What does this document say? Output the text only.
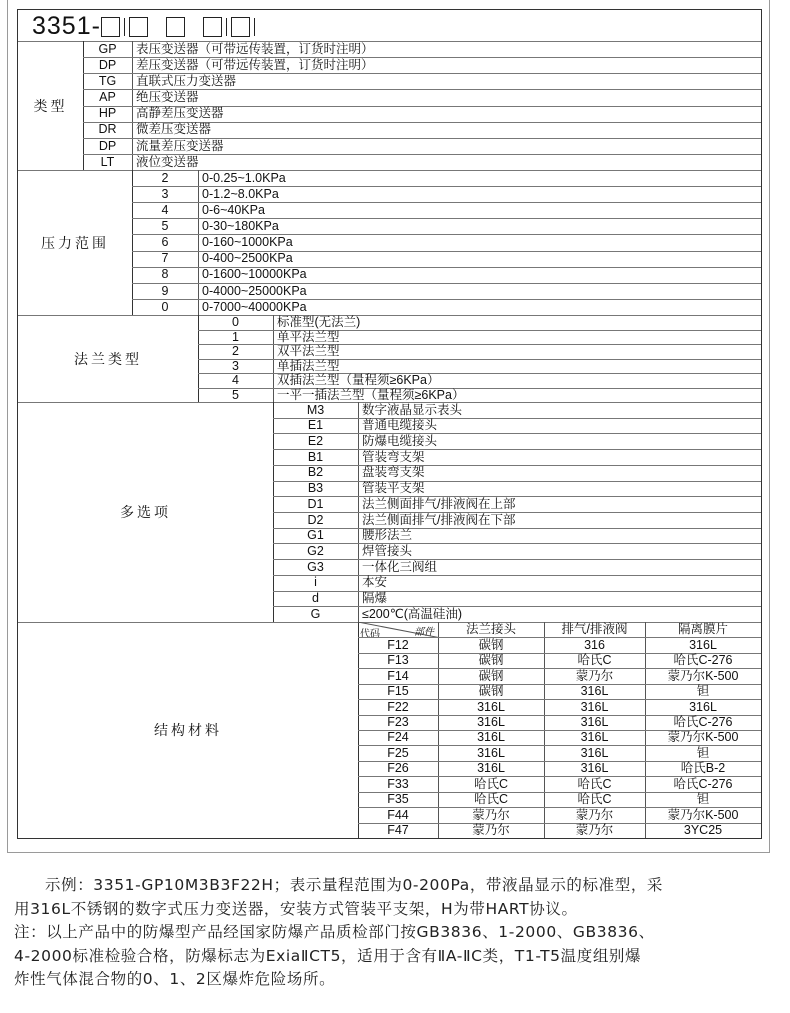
3351-

类型
GP	表压变送器（可带远传装置，订货时注明）
DP	差压变送器（可带远传装置，订货时注明）
TG	直联式压力变送器
AP	绝压变送器
HP	高静差压变送器
DR	微差压变送器
DP	流量差压变送器
LT	液位变送器
压力范围
2	0-0.25~1.0KPa
3	0-1.2~8.0KPa
4	0-6~40KPa
5	0-30~180KPa
6	0-160~1000KPa
7	0-400~2500KPa
8	0-1600~10000KPa
9	0-4000~25000KPa
0	0-7000~40000KPa
法兰类型
0	标准型(无法兰)
1	单平法兰型
2	双平法兰型
3	单插法兰型
4	双插法兰型（量程须≥6KPa）
5	一平一插法兰型（量程须≥6KPa）
多选项
M3	数字液晶显示表头
E1	普通电缆接头
E2	防爆电缆接头
B1	管装弯支架
B2	盘装弯支架
B3	管装平支架
D1	法兰侧面排气/排液阀在上部
D2	法兰侧面排气/排液阀在下部
G1	腰形法兰
G2	焊管接头
G3	一体化三阀组
i	本安
d	隔爆
G	≤200℃(高温硅油)
结构材料
代码	部件	法兰接头	排气/排液阀	隔离膜片
F12	碳钢	316	316L
F13	碳钢	哈氏C	哈氏C-276
F14	碳钢	蒙乃尔	蒙乃尔K-500
F15	碳钢	316L	钽
F22	316L	316L	316L
F23	316L	316L	哈氏C-276
F24	316L	316L	蒙乃尔K-500
F25	316L	316L	钽
F26	316L	316L	哈氏B-2
F33	哈氏C	哈氏C	哈氏C-276
F35	哈氏C	哈氏C	钽
F44	蒙乃尔	蒙乃尔	蒙乃尔K-500
F47	蒙乃尔	蒙乃尔	3YC25

示例：3351-GP10M3B3F22H；表示量程范围为0-200Pa，带液晶显示的标准型，采

用316L不锈钢的数字式压力变送器，安装方式管装平支架，H为带HART协议。

注：以上产品中的防爆型产品经国家防爆产品质检部门按GB3836、1-2000、GB3836、

4-2000标准检验合格，防爆标志为ExiaⅡCT5，适用于含有ⅡA-ⅡC类，T1-T5温度组别爆

炸性气体混合物的0、1、2区爆炸危险场所。
